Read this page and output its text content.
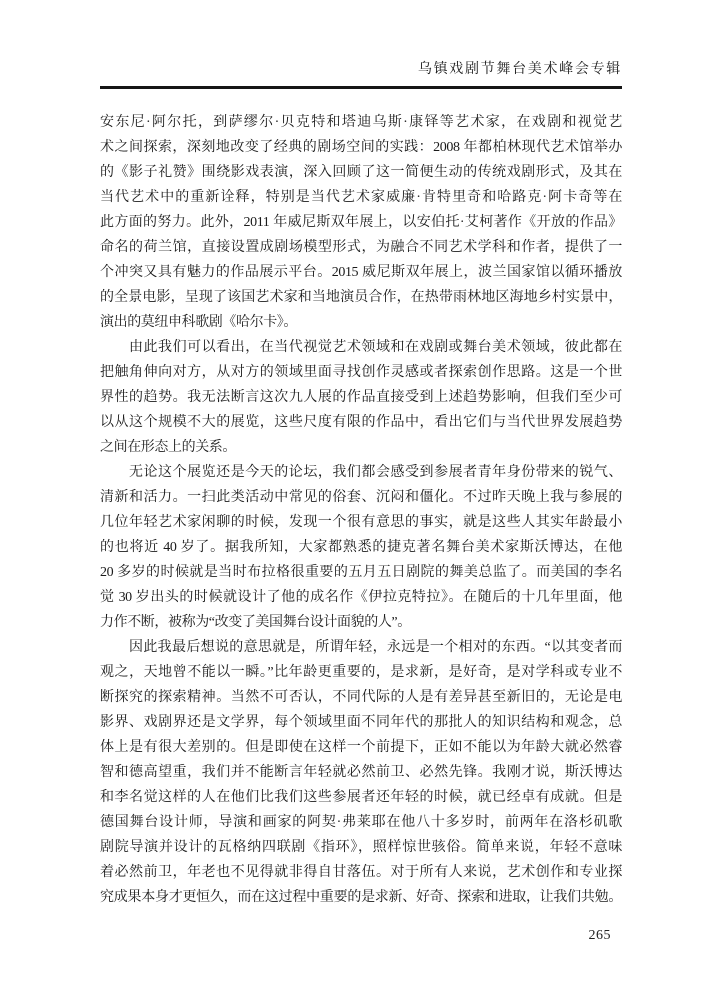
乌镇戏剧节舞台美术峰会专辑
安东尼·阿尔托，到萨缪尔·贝克特和塔迪乌斯·康铎等艺术家，在戏剧和视觉艺
术之间探索，深刻地改变了经典的剧场空间的实践：2008 年都柏林现代艺术馆举办
的《影子礼赞》围绕影戏表演，深入回顾了这一简便生动的传统戏剧形式，及其在
当代艺术中的重新诠释，特别是当代艺术家威廉·肯特里奇和哈路克·阿卡奇等在
此方面的努力。此外，2011 年威尼斯双年展上，以安伯托·艾柯著作《开放的作品》
命名的荷兰馆，直接设置成剧场模型形式，为融合不同艺术学科和作者，提供了一
个冲突又具有魅力的作品展示平台。2015 威尼斯双年展上，波兰国家馆以循环播放
的全景电影，呈现了该国艺术家和当地演员合作，在热带雨林地区海地乡村实景中，
演出的莫纽申科歌剧《哈尔卡》。
由此我们可以看出，在当代视觉艺术领域和在戏剧或舞台美术领域，彼此都在
把触角伸向对方，从对方的领域里面寻找创作灵感或者探索创作思路。这是一个世
界性的趋势。我无法断言这次九人展的作品直接受到上述趋势影响，但我们至少可
以从这个规模不大的展览，这些尺度有限的作品中，看出它们与当代世界发展趋势
之间在形态上的关系。
无论这个展览还是今天的论坛，我们都会感受到参展者青年身份带来的锐气、
清新和活力。一扫此类活动中常见的俗套、沉闷和僵化。不过昨天晚上我与参展的
几位年轻艺术家闲聊的时候，发现一个很有意思的事实，就是这些人其实年龄最小
的也将近 40 岁了。据我所知，大家都熟悉的捷克著名舞台美术家斯沃博达，在他
20 多岁的时候就是当时布拉格很重要的五月五日剧院的舞美总监了。而美国的李名
觉 30 岁出头的时候就设计了他的成名作《伊拉克特拉》。在随后的十几年里面，他
力作不断，被称为“改变了美国舞台设计面貌的人”。
因此我最后想说的意思就是，所谓年轻，永远是一个相对的东西。“以其变者而
观之，天地曾不能以一瞬。”比年龄更重要的，是求新，是好奇，是对学科或专业不
断探究的探索精神。当然不可否认，不同代际的人是有差异甚至新旧的，无论是电
影界、戏剧界还是文学界，每个领域里面不同年代的那批人的知识结构和观念，总
体上是有很大差别的。但是即使在这样一个前提下，正如不能以为年龄大就必然睿
智和德高望重，我们并不能断言年轻就必然前卫、必然先锋。我刚才说，斯沃博达
和李名觉这样的人在他们比我们这些参展者还年轻的时候，就已经卓有成就。但是
德国舞台设计师，导演和画家的阿契·弗莱耶在他八十多岁时，前两年在洛杉矶歌
剧院导演并设计的瓦格纳四联剧《指环》，照样惊世骇俗。简单来说，年轻不意味
着必然前卫，年老也不见得就非得自甘落伍。对于所有人来说，艺术创作和专业探
究成果本身才更恒久，而在这过程中重要的是求新、好奇、探索和进取，让我们共勉。
265
